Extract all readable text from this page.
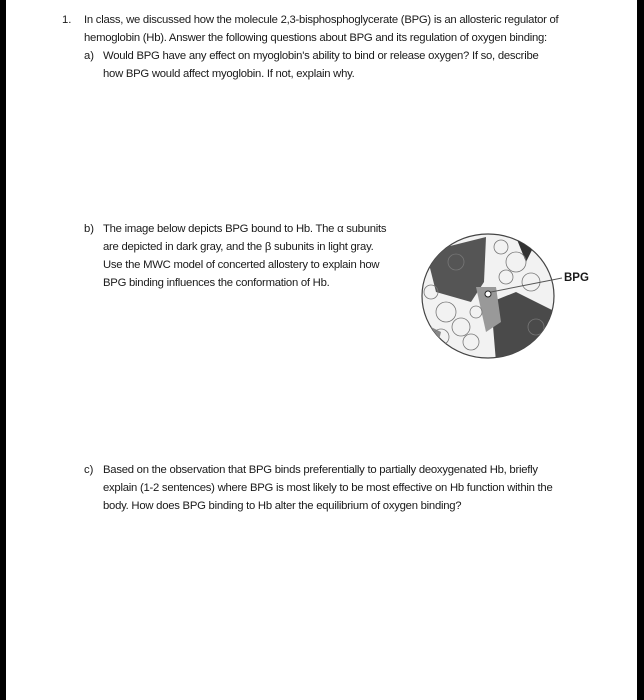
1. In class, we discussed how the molecule 2,3-bisphosphoglycerate (BPG) is an allosteric regulator of
hemoglobin (Hb). Answer the following questions about BPG and its regulation of oxygen binding:
a) Would BPG have any effect on myoglobin's ability to bind or release oxygen? If so, describe
how BPG would affect myoglobin. If not, explain why.
b) The image below depicts BPG bound to Hb. The α subunits
are depicted in dark gray, and the β subunits in light gray.
Use the MWC model of concerted allostery to explain how
BPG binding influences the conformation of Hb.	BPG
c) Based on the observation that BPG binds preferentially to partially deoxygenated Hb, briefly
explain (1-2 sentences) where BPG is most likely to be most effective on Hb function within the
body. How does BPG binding to Hb alter the equilibrium of oxygen binding?
